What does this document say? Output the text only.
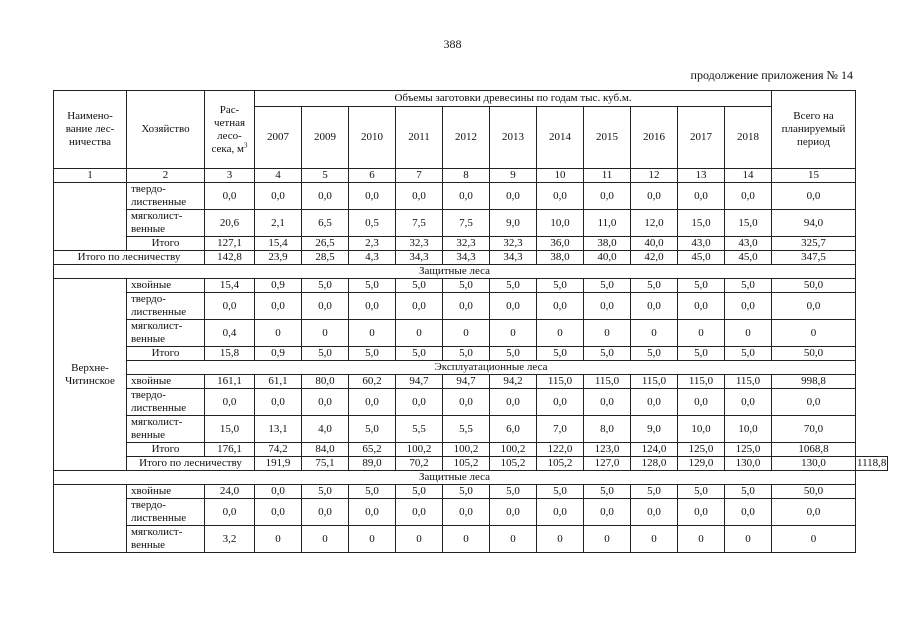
388
продолжение приложения № 14
Наимено-вание лес-ничества	Хозяйство	Рас-четная лесо-сека, $м^3$	Объемы заготовки древесины по годам тыс. куб.м.											Всего на планируемый период	
			2007	2009	2010	2011	2012	2013	2014	2015	2016	2017	2018		
1	2	3	4	5	6	7	8	9	10	11	12	13	14	15	
	твердо-лиственные	0,0	0,0	0,0	0,0	0,0	0,0	0,0	0,0	0,0	0,0	0,0	0,0	0,0	
	мягколист-венные	20,6	2,1	6,5	0,5	7,5	7,5	9,0	10,0	11,0	12,0	15,0	15,0	94,0	
	Итого	127,1	15,4	26,5	2,3	32,3	32,3	32,3	36,0	38,0	40,0	43,0	43,0	325,7	
Итого по лесничеству		142,8	23,9	28,5	4,3	34,3	34,3	34,3	38,0	40,0	42,0	45,0	45,0	347,5	
Защитные леса															
Верхне-Читинское	хвойные	15,4	0,9	5,0	5,0	5,0	5,0	5,0	5,0	5,0	5,0	5,0	5,0	50,0	
	твердо-лиственные	0,0	0,0	0,0	0,0	0,0	0,0	0,0	0,0	0,0	0,0	0,0	0,0	0,0	
	мягколист-венные	0,4	0	0	0	0	0	0	0	0	0	0	0	0	
	Итого	15,8	0,9	5,0	5,0	5,0	5,0	5,0	5,0	5,0	5,0	5,0	5,0	50,0	
	Эксплуатационные леса														
	хвойные	161,1	61,1	80,0	60,2	94,7	94,7	94,2	115,0	115,0	115,0	115,0	115,0	998,8	
	твердо-лиственные	0,0	0,0	0,0	0,0	0,0	0,0	0,0	0,0	0,0	0,0	0,0	0,0	0,0	
	мягколист-венные	15,0	13,1	4,0	5,0	5,5	5,5	6,0	7,0	8,0	9,0	10,0	10,0	70,0	
	Итого	176,1	74,2	84,0	65,2	100,2	100,2	100,2	122,0	123,0	124,0	125,0	125,0	1068,8	
	Итого по лесничеству		191,9	75,1	89,0	70,2	105,2	105,2	105,2	127,0	128,0	129,0	130,0	130,0	1118,8
Защитные леса															
	хвойные	24,0	0,0	5,0	5,0	5,0	5,0	5,0	5,0	5,0	5,0	5,0	5,0	50,0	
	твердо-лиственные	0,0	0,0	0,0	0,0	0,0	0,0	0,0	0,0	0,0	0,0	0,0	0,0	0,0	
	мягколист-венные	3,2	0	0	0	0	0	0	0	0	0	0	0	0	
